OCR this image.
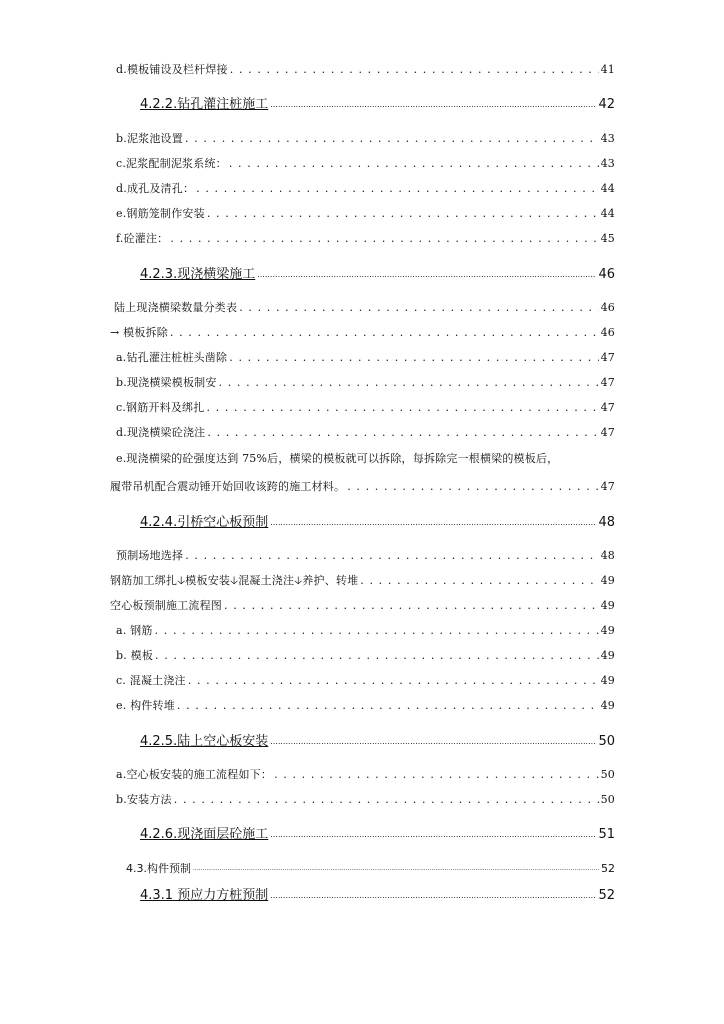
d.模板铺设及栏杆焊接 . . .	41
4.2.2.钻孔灌注桩施工 .....	42
b.泥浆池设置 . . .	43
c.泥浆配制泥浆系统： . . .	43
d.成孔及清孔： . . .	44
e.钢筋笼制作安装 . . .	44
f.砼灌注： . . .	45
4.2.3.现浇横梁施工 .....	46
陆上现浇横梁数量分类表 . . .	46
→ 模板拆除 . . .	46
a.钻孔灌注桩桩头凿除 . . .	47
b.现浇横梁模板制安 . . .	47
c.钢筋开料及绑扎 . . .	47
d.现浇横梁砼浇注 . . .	47
e.现浇横梁的砼强度达到 75%后，横梁的模板就可以拆除，每拆除完一根横梁的模板后，
履带吊机配合震动锤开始回收该跨的施工材料。 . . .	47
4.2.4.引桥空心板预制 .....	48
预制场地选择 . . .	48
钢筋加工绑扎🡣模板安装🡣混凝土浇注🡣养护、转堆 . . .	49
空心板预制施工流程图 . . .	49
a. 钢筋 . . .	49
b. 模板 . . .	49
c. 混凝土浇注 . . .	49
e. 构件转堆 . . .	49
4.2.5.陆上空心板安装 .....	50
a.空心板安装的施工流程如下： . . .	50
b.安装方法 . . .	50
4.2.6.现浇面层砼施工 .....	51
4.3.构件预制 .....	52
4.3.1 预应力方桩预制 .....	52
